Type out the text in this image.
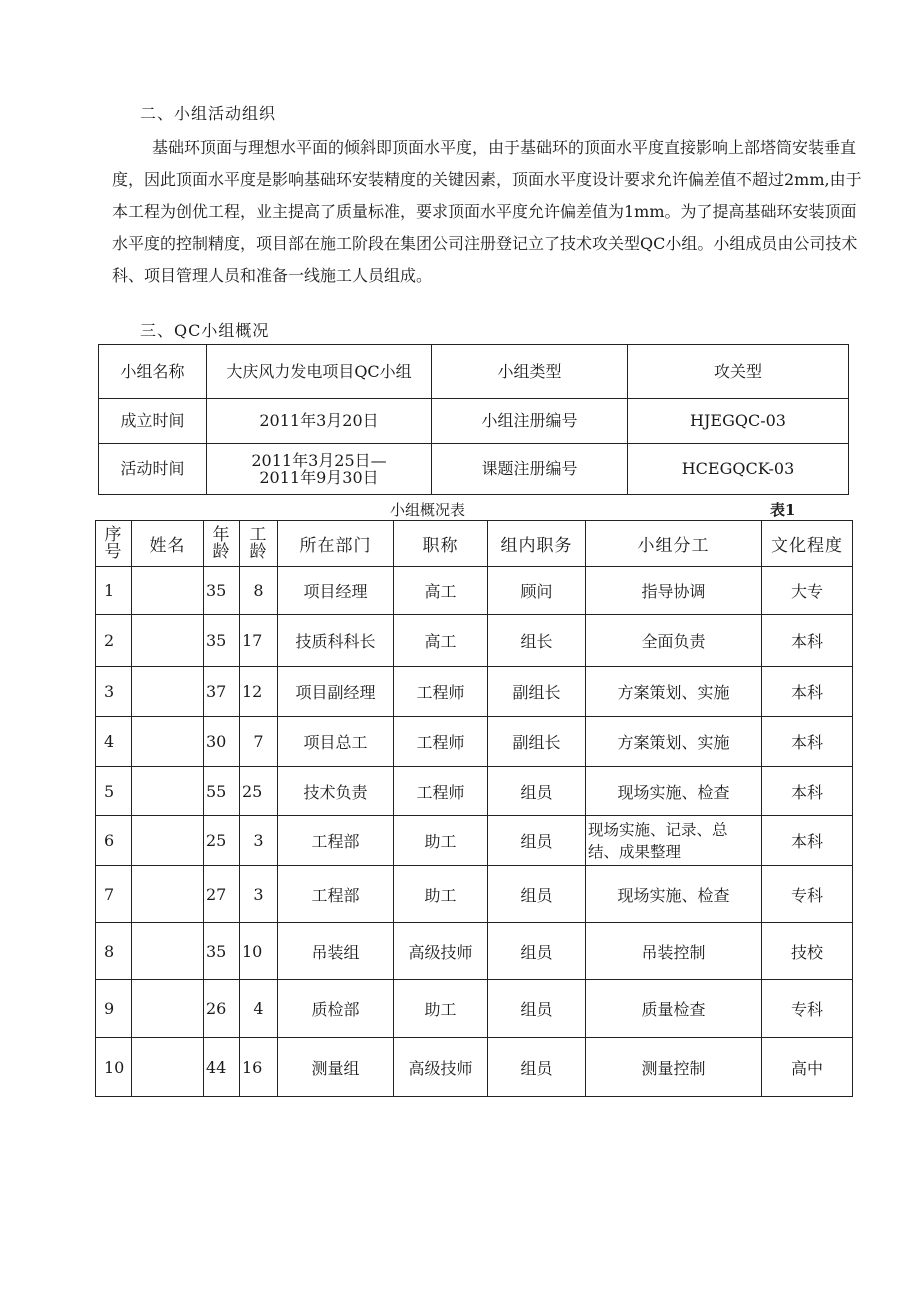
二、小组活动组织

基础环顶面与理想水平面的倾斜即顶面水平度，由于基础环的顶面水平度直接影响上部塔筒安装垂直度，因此顶面水平度是影响基础环安装精度的关键因素，顶面水平度设计要求允许偏差值不超过2mm,由于本工程为创优工程，业主提高了质量标准，要求顶面水平度允许偏差值为1mm。为了提高基础环安装顶面水平度的控制精度，项目部在施工阶段在集团公司注册登记立了技术攻关型QC小组。小组成员由公司技术科、项目管理人员和准备一线施工人员组成。

三、QC小组概况
小组名称	大庆风力发电项目QC小组	小组类型	攻关型
成立时间	2011年3月20日	小组注册编号	HJEGQC-03
活动时间	2011年3月25日—
2011年9月30日	课题注册编号	HCEGQCK-03
小组概况表	表1
序
号	姓名	年
龄	工
龄	所在部门	职称	组内职务	小组分工	文化程度
1		35	8	项目经理	高工	顾问	指导协调	大专
2		35	17	技质科科长	高工	组长	全面负责	本科
3		37	12	项目副经理	工程师	副组长	方案策划、实施	本科
4		30	7	项目总工	工程师	副组长	方案策划、实施	本科
5		55	25	技术负责	工程师	组员	现场实施、检查	本科
6		25	3	工程部	助工	组员	现场实施、记录、总
结、成果整理	本科
7		27	3	工程部	助工	组员	现场实施、检查	专科
8		35	10	吊装组	高级技师	组员	吊装控制	技校
9		26	4	质检部	助工	组员	质量检查	专科
10		44	16	测量组	高级技师	组员	测量控制	高中
